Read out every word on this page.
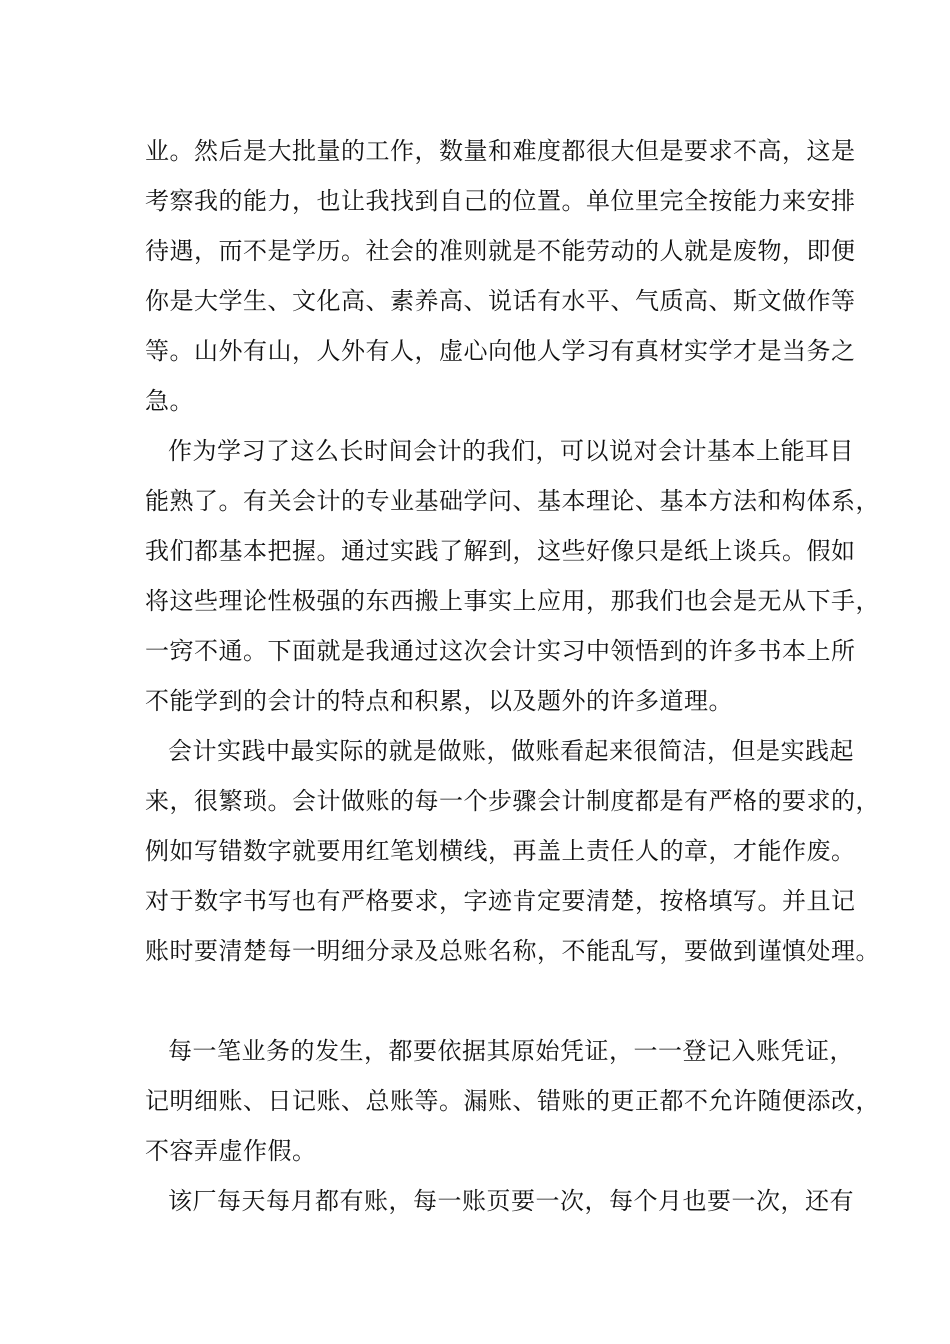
业。然后是大批量的工作，数量和难度都很大但是要求不高，这是
考察我的能力，也让我找到自己的位置。单位里完全按能力来安排
待遇，而不是学历。社会的准则就是不能劳动的人就是废物，即便
你是大学生、文化高、素养高、说话有水平、气质高、斯文做作等
等。山外有山，人外有人，虚心向他人学习有真材实学才是当务之
急。
作为学习了这么长时间会计的我们，可以说对会计基本上能耳目
能熟了。有关会计的专业基础学问、基本理论、基本方法和构体系，
我们都基本把握。通过实践了解到，这些好像只是纸上谈兵。假如
将这些理论性极强的东西搬上事实上应用，那我们也会是无从下手，
一窍不通。下面就是我通过这次会计实习中领悟到的许多书本上所
不能学到的会计的特点和积累，以及题外的许多道理。
会计实践中最实际的就是做账，做账看起来很简洁，但是实践起
来，很繁琐。会计做账的每一个步骤会计制度都是有严格的要求的，
例如写错数字就要用红笔划横线，再盖上责任人的章，才能作废。
对于数字书写也有严格要求，字迹肯定要清楚，按格填写。并且记
账时要清楚每一明细分录及总账名称，不能乱写，要做到谨慎处理。
每一笔业务的发生，都要依据其原始凭证，一一登记入账凭证，
记明细账、日记账、总账等。漏账、错账的更正都不允许随便添改，
不容弄虚作假。
该厂每天每月都有账，每一账页要一次，每个月也要一次，还有
